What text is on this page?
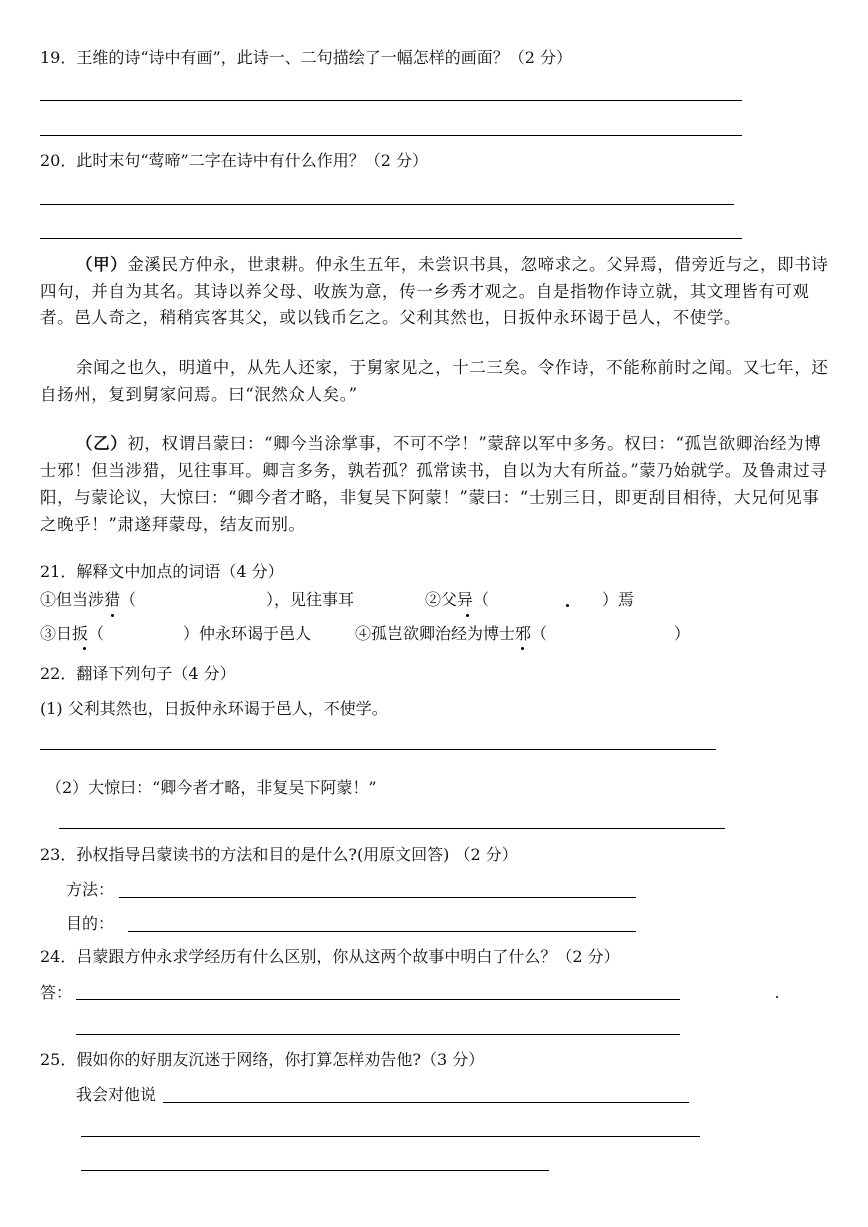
19．王维的诗“诗中有画”，此诗一、二句描绘了一幅怎样的画面？（2 分）
20．此时末句“莺啼”二字在诗中有什么作用？（2 分）
（甲）金溪民方仲永，世隶耕。仲永生五年，未尝识书具，忽啼求之。父异焉，借旁近与之，即书诗四句，并自为其名。其诗以养父母、收族为意，传一乡秀才观之。自是指物作诗立就，其文理皆有可观者。邑人奇之，稍稍宾客其父，或以钱币乞之。父利其然也，日扳仲永环谒于邑人，不使学。
余闻之也久，明道中，从先人还家，于舅家见之，十二三矣。令作诗，不能称前时之闻。又七年，还自扬州，复到舅家问焉。曰“泯然众人矣。”
（乙）初，权谓吕蒙曰：“卿今当涂掌事，不可不学！”蒙辞以军中多务。权曰：“孤岂欲卿治经为博士邪！但当涉猎，见往事耳。卿言多务，孰若孤？孤常读书，自以为大有所益。”蒙乃始就学。及鲁肃过寻阳，与蒙论议，大惊曰：“卿今者才略，非复吴下阿蒙！”蒙曰：“士别三日，即更刮目相待，大兄何见事之晚乎！”肃遂拜蒙母，结友而别。
21．解释文中加点的词语（4 分）
①但当涉猎（	），见往事耳	②父异（	）焉
③日扳（	）仲永环谒于邑人	④孤岂欲卿治经为博士邪（	）
22．翻译下列句子（4 分）
(1) 父利其然也，日扳仲永环谒于邑人，不使学。
（2）大惊曰：“卿今者才略，非复吴下阿蒙！”
23．孙权指导吕蒙读书的方法和目的是什么?(用原文回答) （2 分）
方法：
目的：
24．吕蒙跟方仲永求学经历有什么区别，你从这两个故事中明白了什么？（2 分）
答：
25．假如你的好朋友沉迷于网络，你打算怎样劝告他?（3 分）
我会对他说
